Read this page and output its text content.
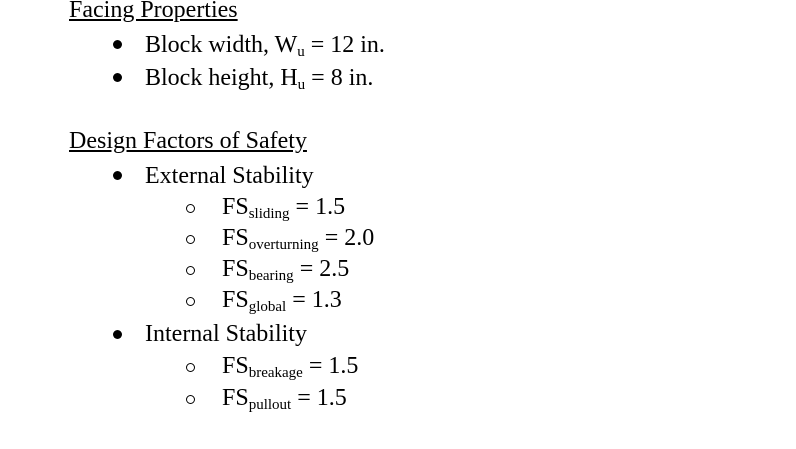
Facing Properties
Block width, $W_u = 12$ in.
Block height, $H_u = 8$ in.
Design Factors of Safety
External Stability
$FS_{sliding} = 1.5$
$FS_{overturning} = 2.0$
$FS_{bearing} = 2.5$
$FS_{global} = 1.3$
Internal Stability
$FS_{breakage} = 1.5$
$FS_{pullout} = 1.5$
